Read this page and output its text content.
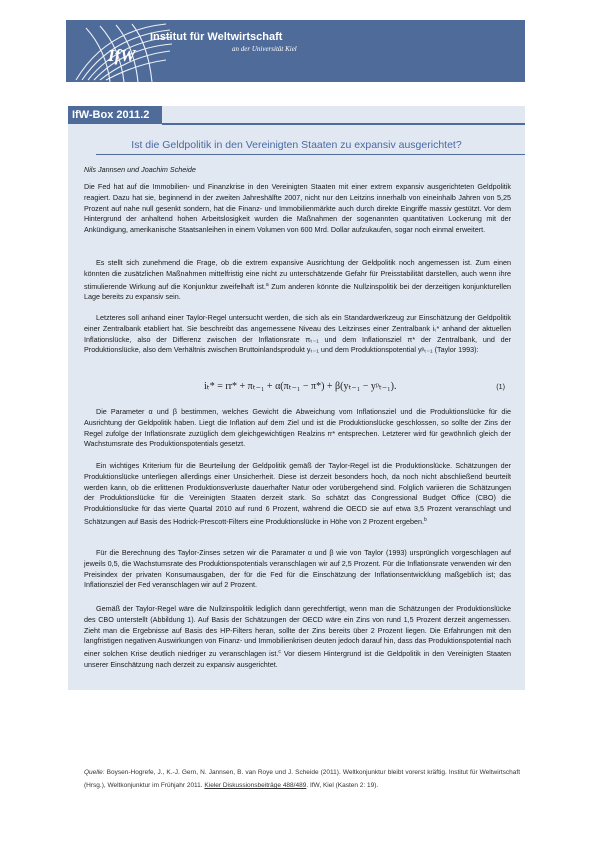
IfW
Institut für Weltwirtschaft
an der Universität Kiel
IfW-Box 2011.2
Ist die Geldpolitik in den Vereinigten Staaten zu expansiv ausgerichtet?
Nils Jannsen und Joachim Scheide

Die Fed hat auf die Immobilien- und Finanzkrise in den Vereinigten Staaten mit einer extrem expansiv ausgerichteten Geldpolitik reagiert. Dazu hat sie, beginnend in der zweiten Jahreshälfte 2007, nicht nur den Leitzins innerhalb von eineinhalb Jahren von 5,25 Prozent auf nahe null gesenkt sondern, hat die Finanz- und Immobilienmärkte auch durch direkte Eingriffe massiv gestützt. Vor dem Hintergrund der anhaltend hohen Arbeitslosigkeit wurden die Maßnahmen der sogenannten quantitativen Lockerung mit der Ankündigung, amerikanische Staatsanleihen in einem Volumen von 600 Mrd. Dollar aufzukaufen, sogar noch einmal erweitert.

Es stellt sich zunehmend die Frage, ob die extrem expansive Ausrichtung der Geldpolitik noch angemessen ist. Zum einen könnten die zusätzlichen Maßnahmen mittelfristig eine nicht zu unterschätzende Gefahr für Preisstabilität darstellen, auch wenn ihre stimulierende Wirkung auf die Konjunktur zweifelhaft ist.$^a$ Zum anderen könnte die Nullzinspolitik bei der derzeitigen konjunkturellen Lage bereits zu expansiv sein.

Letzteres soll anhand einer Taylor-Regel untersucht werden, die sich als ein Standardwerkzeug zur Einschätzung der Geldpolitik einer Zentralbank etabliert hat. Sie beschreibt das angemessene Niveau des Leitzinses einer Zentralbank iₜ* anhand der aktuellen Inflationslücke, also der Differenz zwischen der Inflationsrate πₜ₋₁ und dem Inflationsziel π* der Zentralbank, und der Produktionslücke, also dem Verhältnis zwischen Bruttoinlandsprodukt yₜ₋₁ und dem Produktionspotential yᵖₜ₋₁ (Taylor 1993):

iₜ* = rr* + πₜ₋₁ + α(πₜ₋₁ − π*) + β(yₜ₋₁ − yᵖₜ₋₁).	(1)

Die Parameter α und β bestimmen, welches Gewicht die Abweichung vom Inflationsziel und die Produktionslücke für die Ausrichtung der Geldpolitik haben. Liegt die Inflation auf dem Ziel und ist die Produktionslücke geschlossen, so sollte der Zins der Regel zufolge der Inflationsrate zuzüglich dem gleichgewichtigen Realzins rr* entsprechen. Letzterer wird für gewöhnlich gleich der Wachstumsrate des Produktionspotentials gesetzt.

Ein wichtiges Kriterium für die Beurteilung der Geldpolitik gemäß der Taylor-Regel ist die Produktionslücke. Schätzungen der Produktionslücke unterliegen allerdings einer Unsicherheit. Diese ist derzeit besonders hoch, da noch nicht abschließend beurteilt werden kann, ob die erlittenen Produktionsverluste dauerhafter Natur oder vorübergehend sind. Folglich variieren die Schätzungen der Produktionslücke für die Vereinigten Staaten derzeit stark. So schätzt das Congressional Budget Office (CBO) die Produktionslücke für das vierte Quartal 2010 auf rund 6 Prozent, während die OECD sie auf etwa 3,5 Prozent veranschlagt und Schätzungen auf Basis des Hodrick-Prescott-Filters eine Produktionslücke in Höhe von 2 Prozent ergeben.$^b$

Für die Berechnung des Taylor-Zinses setzen wir die Paramater α und β wie von Taylor (1993) ursprünglich vorgeschlagen auf jeweils 0,5, die Wachstumsrate des Produktionspotentials veranschlagen wir auf 2,5 Prozent. Für die Inflationsrate verwenden wir den Preisindex der privaten Konsumausgaben, der für die Fed für die Einschätzung der Inflationsentwicklung maßgeblich ist; das Inflationsziel der Fed veranschlagen wir auf 2 Prozent.

Gemäß der Taylor-Regel wäre die Nullzinspolitik lediglich dann gerechtfertigt, wenn man die Schätzungen der Produktionslücke des CBO unterstellt (Abbildung 1). Auf Basis der Schätzungen der OECD wäre ein Zins von rund 1,5 Prozent derzeit angemessen. Zieht man die Ergebnisse auf Basis des HP-Filters heran, sollte der Zins bereits über 2 Prozent liegen. Die Erfahrungen mit den langfristigen negativen Auswirkungen von Finanz- und Immobilienkrisen deuten jedoch darauf hin, dass das Produktionspotential nach einer solchen Krise deutlich niedriger zu veranschlagen ist.$^c$ Vor diesem Hintergrund ist die Geldpolitik in den Vereinigten Staaten unserer Einschätzung nach derzeit zu expansiv ausgerichtet.

Quelle: Boysen-Hogrefe, J., K.-J. Gern, N. Jannsen, B. van Roye und J. Scheide (2011). Weltkonjunktur bleibt vorerst kräftig. Institut für Weltwirtschaft (Hrsg.), Weltkonjunktur im Frühjahr 2011. Kieler Diskussionsbeiträge 488/489. IfW, Kiel (Kasten 2: 19).
